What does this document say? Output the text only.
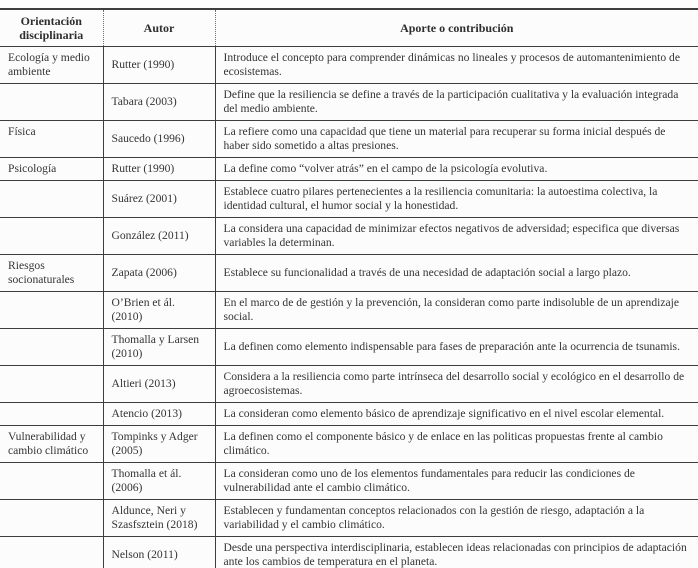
Orientación disciplinaria	Autor	Aporte o contribución
Ecología y medio ambiente	Rutter (1990)	Introduce el concepto para comprender dinámicas no lineales y procesos de automantenimiento de ecosistemas.
	Tabara (2003)	Define que la resiliencia se define a través de la participación cualitativa y la evaluación integrada del medio ambiente.
Física	Saucedo (1996)	La refiere como una capacidad que tiene un material para recuperar su forma inicial después de haber sido sometido a altas presiones.
Psicología	Rutter (1990)	La define como “volver atrás” en el campo de la psicología evolutiva.
	Suárez (2001)	Establece cuatro pilares pertenecientes a la resiliencia comunitaria: la autoestima colectiva, la identidad cultural, el humor social y la honestidad.
	González (2011)	La considera una capacidad de minimizar efectos negativos de adversidad; especifica que diversas variables la determinan.
Riesgos socionaturales	Zapata (2006)	Establece su funcionalidad a través de una necesidad de adaptación social a largo plazo.
	O’Brien et ál. (2010)	En el marco de de gestión y la prevención, la consideran como parte indisoluble de un aprendizaje social.
	Thomalla y Larsen (2010)	La definen como elemento indispensable para fases de preparación ante la ocurrencia de tsunamis.
	Altieri (2013)	Considera a la resiliencia como parte intrínseca del desarrollo social y ecológico en el desarrollo de agroecosistemas.
	Atencio (2013)	La consideran como elemento básico de aprendizaje significativo en el nivel escolar elemental.
Vulnerabilidad y cambio climático	Tompinks y Adger (2005)	La definen como el componente básico y de enlace en las politicas propuestas frente al cambio climático.
	Thomalla et ál. (2006)	La consideran como uno de los elementos fundamentales para reducir las condiciones de vulnerabilidad ante el cambio climático.
	Aldunce, Neri y Szasfsztein (2018)	Establecen y fundamentan conceptos relacionados con la gestión de riesgo, adaptación a la variabilidad y el cambio climático.
	Nelson (2011)	Desde una perspectiva interdisciplinaria, establecen ideas relacionadas con principios de adaptación ante los cambios de temperatura en el planeta.
